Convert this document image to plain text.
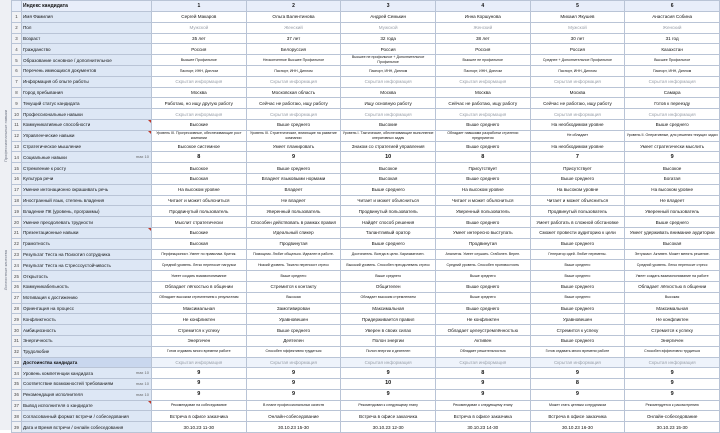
Профессиональные навыки
Личностные качества
	Индекс кандидата	1	2	3	4	5	6
1	Имя Фамилия	Сергей Макаров	Ольга Валентинова	Андрей Семькин	Инна Коршунова	Михаил Якушев	Анастасия Собина
2	Пол	Мужской	Женский	Мужской	Женский	Мужской	Женский
3	Возраст	35 лет	37 лет	32 года	38 лет	30 лет	31 год
4	Гражданство	Россия	Белоруссия	Россия	Россия	Россия	Казахстан
5	Образование основное / дополнительное	Высшее Профильное	Неоконченное Высшее Профильное	Высшее не профильное + Дополнительное Профильное	Высшее не профильное	Среднее + Дополнительное Профильное	Высшее Профильное
6	Перечень имеющихся документов	Паспорт, ИНН, Диплом	Паспорт, ИНН, Диплом	Паспорт, ИНН, Диплом	Паспорт, ИНН, Диплом	Паспорт, ИНН, Диплом	Паспорт, ИНН, Диплом
7	Информация об опыте работы	Скрытая информация	Скрытая информация	Скрытая информация	Скрытая информация	Скрытая информация	Скрытая информация
8	Город пребывания	Москва	Московская область	Москва	Москва	Москва	Самара
9	Текущий статус кандидата	Работаю, но ищу другую работу	Сейчас не работаю, ищу работу	Ищу основную работу	Сейчас не работаю, ищу работу	Сейчас не работаю, ищу работу	Готов к переезду
10	Профессиональные навыки	Скрытая информация	Скрытая информация	Скрытая информация	Скрытая информация	Скрытая информация	Скрытая информация
11	Коммуникативные способности	Высокие	Выше среднего	Высокие	Выше среднего	На необходимом уровне	Выше среднего
12	Управленческие навыки	Уровень III. Прогрессивные, обеспечивающие рост компании	Уровень III. Стратегические, влияющие на развитие компании	Уровень I. Тактические, обеспечивающие выполнение оперативных задач	Обладает навыками разработки стратегии предприятия	Не обладает	Уровень II. Оперативные, для решения текущих задач
13	Стратегическое мышление	Высокое системное	Умеет планировать	Знаком со стратегией управления	Выше среднего	На необходимом уровне	Умеет стратегически мыслить
14	Социальные навыки max 10	8	9	10	8	7	9
15	Стремление к росту	Высокое	Выше среднего	Высокое	Присутствует	Присутствует	Высокое
16	Культура речи	Высокая	Владеет языковыми нормами	Высокая	Выше среднего	Выше среднего	Богатая
17	Умение интонационно окрашивать речь	На высоком уровне	Владеет	Выше среднего	На высоком уровне	На высоком уровне	На высоком уровне
18	Иностранный язык, степень владения	Читает и может объясниться	Не владеет	Читает и может объясниться	Читает и может объясниться	Читает и может объясниться	Не владеет
19	Владение ПК (уровень, программы)	Продвинутый пользователь	Уверенный пользователь	Продвинутый пользователь	Уверенный пользователь	Продвинутый пользователь	Уверенный пользователь
20	Умение преодолевать трудности	Мыслит стратегически	Способен действовать в рамках правил	Найдёт способ решения	Выше среднего	Умеет работать в сложной обстановке	Выше среднего
21	Презентационные навыки	Высокие	Идеальный спикер	Талантливый оратор	Умеет интересно выступать	Сможет провести аудиторию к цели	Умеет удерживать внимание аудитории
22	Грамотность	Высокая	Продвинутая	Выше среднего	Продвинутая	Выше среднего	Высокая
23	Результат Теста на Психотип сотрудника	Перфекционист. Умеет по правилам. Критик.	Помощник. Любит общаться. Идеален в работе.	Достигатель. Всегда в цели. Харизматичен.	Аналитик. Умеет слушать. Стабилен. Верен.	Генератор идей. Любит перемены.	Энтузиаст. Активен. Может менять решение.
24	Результат Теста на Стрессоустойчивость	Средний уровень. Легко переносит нагрузки	Низкий уровень. Тяжело переносит стресс	Высокий уровень. Способен преодолевать стресс	Средний уровень. Способен противостоять	Выше среднего	Средний уровень. Легко переносит стресс
25	Открытость	Умеет создать взаимопонимание	Выше среднего	Выше среднего	Выше среднего	Выше среднего	Умеет создать взаимопонимание на работе
26	Коммуникабельность	Обладает лёгкостью в общении	Стремится к контакту	Общителен	Выше среднего	Выше среднего	Обладает лёгкостью в общении
27	Мотивация к достижению	Обладает высоким стремлением к результатам	Высокая	Обладает высоким стремлением	Выше среднего	Выше среднего	Высокая
28	Ориентация на процесс	Максимальная	Замотивирован	Максимальная	Выше среднего	Выше среднего	Максимальная
29	Конфликтность	Не конфликтен	Уравновешен	Придерживается правил	Не конфликтен	Уравновешен	Не конфликтен
30	Амбициозность	Стремится к успеху	Выше среднего	Уверен в своих силах	Обладает целеустремлённостью	Стремится к успеху	Стремится к успеху
31	Энергичность	Энергичен	Деятелен	Полон энергии	Активен	Выше среднего	Энергичен
32	Трудолюбие	Готов отдавать много времени работе	Способен эффективно трудиться	Полон энергии и деятелен	Обладает решительностью	Готов отдавать много времени работе	Способен эффективно трудиться
33	Достоинства кандидата	Скрытая информация	Скрытая информация	Скрытая информация	Скрытая информация	Скрытая информация	Скрытая информация
34	Уровень компетенции кандидата max 10	9	9	9	8	9	9
35	Соответствие возможностей требованиям max 10	9	9	10	9	8	9
36	Рекомендация исполнителя max 10	9	9	9	9	9	9
37	Вывод исполнителя о кандидате	Рекомендован на собеседование	В плане профессиональных качеств	Рекомендован к следующему этапу	Рекомендован к следующему этапу	Может стать ценным сотрудником	Рекомендуется к рассмотрению
38	Согласованный формат встречи / собеседования	Встреча в офисе заказчика	Онлайн-собеседование	Встреча в офисе заказчика	Встреча в офисе заказчика	Встреча в офисе заказчика	Онлайн-собеседование
39	Дата и Время встречи / онлайн собеседования	30.10.23 11-30	30.10.23 15-30	30.10.23 12-30	30.10.23 14-30	30.10.23 16-30	30.10.23 15-30
